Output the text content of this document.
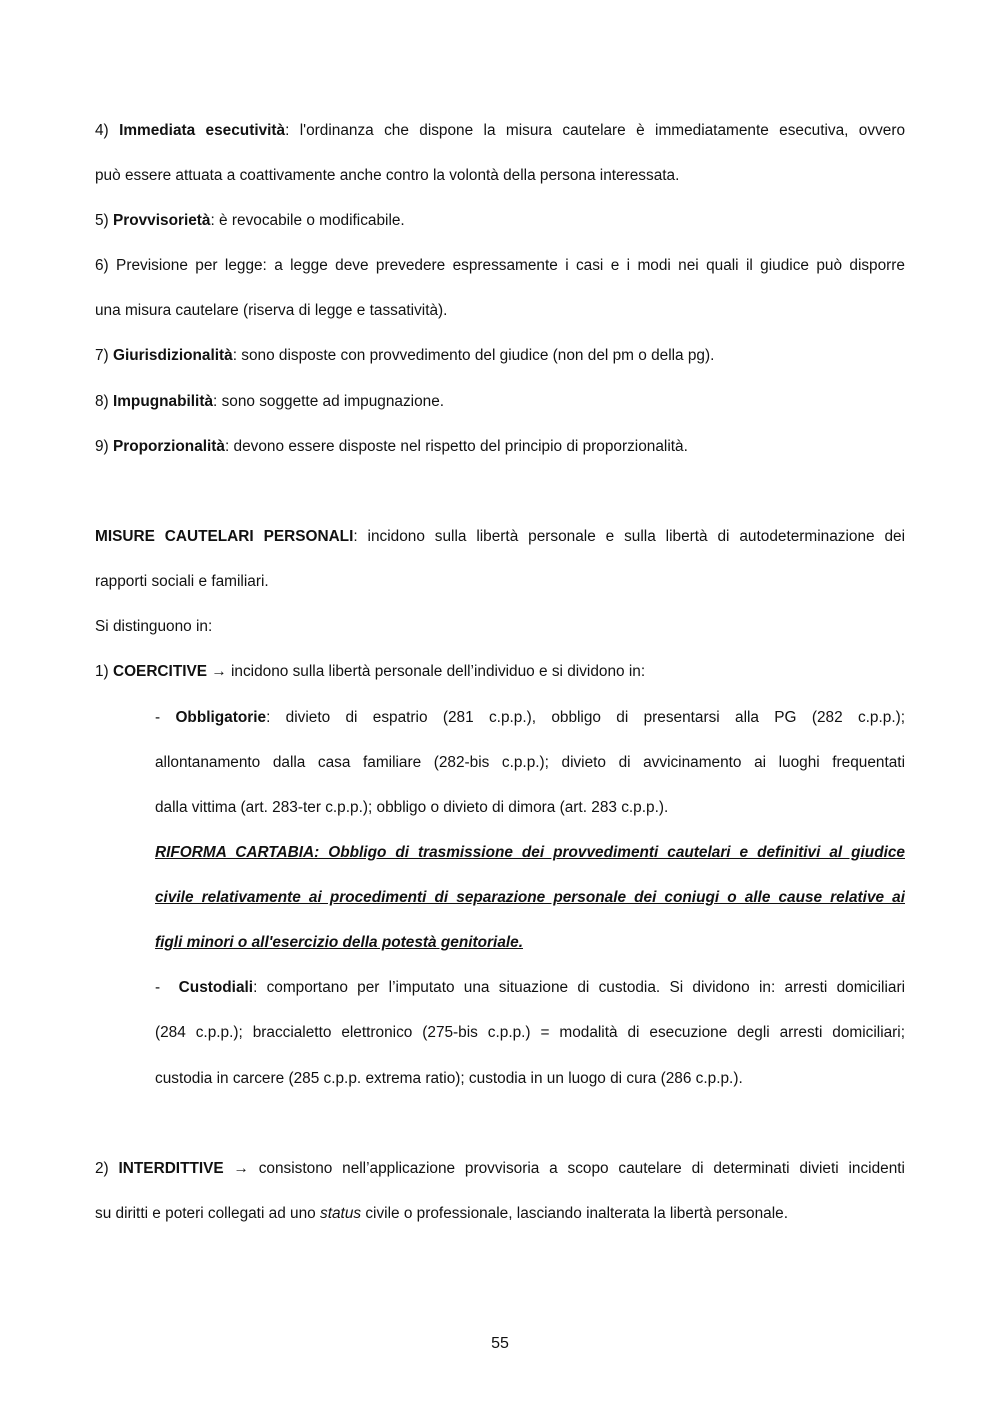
4) Immediata esecutività: l'ordinanza che dispone la misura cautelare è immediatamente esecutiva, ovvero
può essere attuata a coattivamente anche contro la volontà della persona interessata.
5) Provvisorietà: è revocabile o modificabile.
6) Previsione per legge: a legge deve prevedere espressamente i casi e i modi nei quali il giudice può disporre
una misura cautelare (riserva di legge e tassatività).
7) Giurisdizionalità: sono disposte con provvedimento del giudice (non del pm o della pg).
8) Impugnabilità: sono soggette ad impugnazione.
9) Proporzionalità: devono essere disposte nel rispetto del principio di proporzionalità.
MISURE CAUTELARI PERSONALI: incidono sulla libertà personale e sulla libertà di autodeterminazione dei
rapporti sociali e familiari.
Si distinguono in:
1) COERCITIVE → incidono sulla libertà personale dell’individuo e si dividono in:
- Obbligatorie: divieto di espatrio (281 c.p.p.), obbligo di presentarsi alla PG (282 c.p.p.);
allontanamento dalla casa familiare (282-bis c.p.p.); divieto di avvicinamento ai luoghi frequentati
dalla vittima (art. 283-ter c.p.p.); obbligo o divieto di dimora (art. 283 c.p.p.).
RIFORMA CARTABIA: Obbligo di trasmissione dei provvedimenti cautelari e definitivi al giudice
civile relativamente ai procedimenti di separazione personale dei coniugi o alle cause relative ai
figli minori o all'esercizio della potestà genitoriale.
-  Custodiali: comportano per l’imputato una situazione di custodia. Si dividono in: arresti domiciliari
(284 c.p.p.); braccialetto elettronico (275-bis c.p.p.) = modalità di esecuzione degli arresti domiciliari;
custodia in carcere (285 c.p.p. extrema ratio); custodia in un luogo di cura (286 c.p.p.).
2) INTERDITTIVE → consistono nell’applicazione provvisoria a scopo cautelare di determinati divieti incidenti
su diritti e poteri collegati ad uno status civile o professionale, lasciando inalterata la libertà personale.
55
